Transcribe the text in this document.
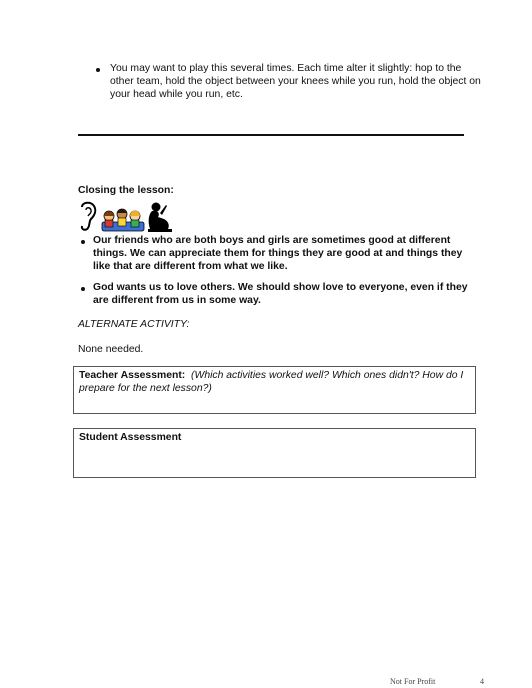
You may want to play this several times. Each time alter it slightly: hop to the
other team, hold the object between your knees while you run, hold the object on
your head while you run, etc.
Closing the lesson:
Our friends who are both boys and girls are sometimes good at different
things. We can appreciate them for things they are good at and things they
like that are different from what we like.
God wants us to love others. We should show love to everyone, even if they
are different from us in some way.
ALTERNATE ACTIVITY:
None needed.
Teacher Assessment: (Which activities worked well? Which ones didn't? How do I
prepare for the next lesson?)
Student Assessment
Not For Profit	4
